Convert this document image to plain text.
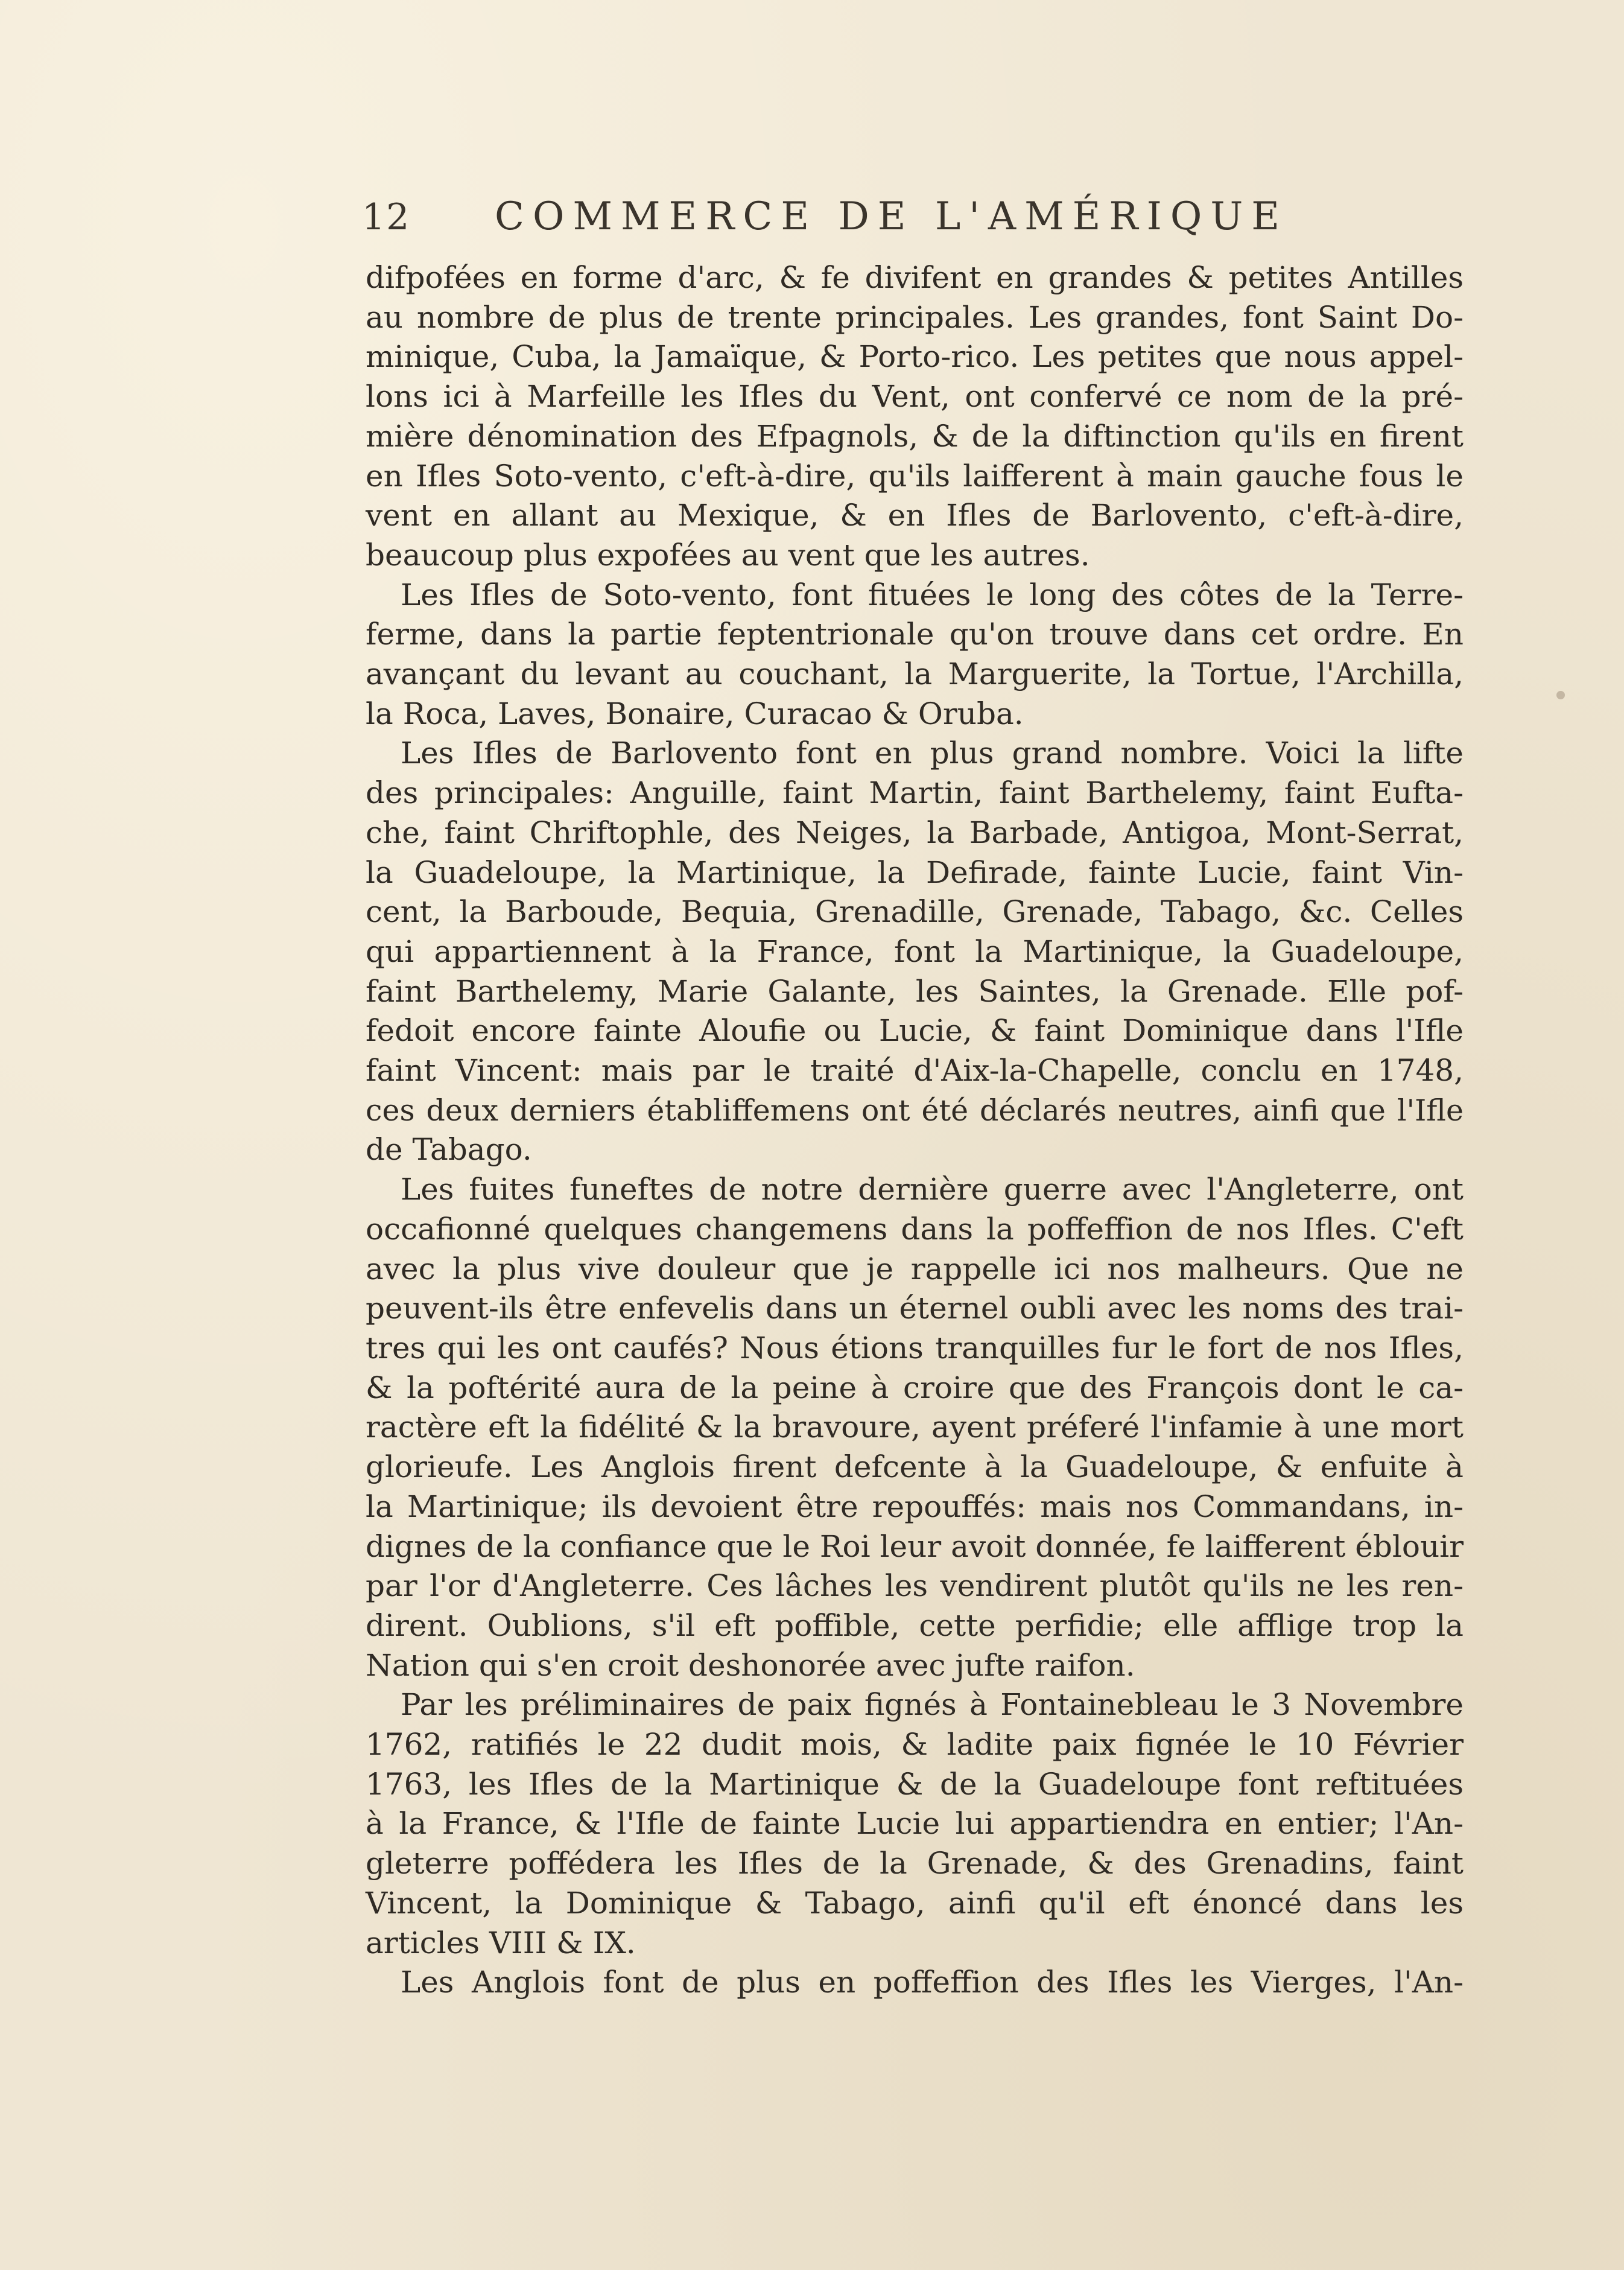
12	COMMERCE DE L'AMÉRIQUE
difpofées en forme d'arc, & fe divifent en grandes & petites Antilles
au nombre de plus de trente principales. Les grandes, font Saint Do-
minique, Cuba, la Jamaïque, & Porto-rico. Les petites que nous appel-
lons ici à Marfeille les Ifles du Vent, ont confervé ce nom de la pré-
mière dénomination des Efpagnols, & de la diftinction qu'ils en firent
en Ifles Soto-vento, c'eft-à-dire, qu'ils laifferent à main gauche fous le
vent en allant au Mexique, & en Ifles de Barlovento, c'eft-à-dire,
beaucoup plus expofées au vent que les autres.
Les Ifles de Soto-vento, font fituées le long des côtes de la Terre-
ferme, dans la partie feptentrionale qu'on trouve dans cet ordre. En
avançant du levant au couchant, la Marguerite, la Tortue, l'Archilla,
la Roca, Laves, Bonaire, Curacao & Oruba.
Les Ifles de Barlovento font en plus grand nombre. Voici la lifte
des principales: Anguille, faint Martin, faint Barthelemy, faint Eufta-
che, faint Chriftophle, des Neiges, la Barbade, Antigoa, Mont-Serrat,
la Guadeloupe, la Martinique, la Defirade, fainte Lucie, faint Vin-
cent, la Barboude, Bequia, Grenadille, Grenade, Tabago, &c. Celles
qui appartiennent à la France, font la Martinique, la Guadeloupe,
faint Barthelemy, Marie Galante, les Saintes, la Grenade. Elle pof-
fedoit encore fainte Aloufie ou Lucie, & faint Dominique dans l'Ifle
faint Vincent: mais par le traité d'Aix-la-Chapelle, conclu en 1748,
ces deux derniers établiffemens ont été déclarés neutres, ainfi que l'Ifle
de Tabago.
Les fuites funeftes de notre dernière guerre avec l'Angleterre, ont
occafionné quelques changemens dans la poffeffion de nos Ifles. C'eft
avec la plus vive douleur que je rappelle ici nos malheurs. Que ne
peuvent-ils être enfevelis dans un éternel oubli avec les noms des trai-
tres qui les ont caufés? Nous étions tranquilles fur le fort de nos Ifles,
& la poftérité aura de la peine à croire que des François dont le ca-
ractère eft la fidélité & la bravoure, ayent préferé l'infamie à une mort
glorieufe. Les Anglois firent defcente à la Guadeloupe, & enfuite à
la Martinique; ils devoient être repouffés: mais nos Commandans, in-
dignes de la confiance que le Roi leur avoit donnée, fe laifferent éblouir
par l'or d'Angleterre. Ces lâches les vendirent plutôt qu'ils ne les ren-
dirent. Oublions, s'il eft poffible, cette perfidie; elle afflige trop la
Nation qui s'en croit deshonorée avec jufte raifon.
Par les préliminaires de paix fignés à Fontainebleau le 3 Novembre
1762, ratifiés le 22 dudit mois, & ladite paix fignée le 10 Février
1763, les Ifles de la Martinique & de la Guadeloupe font reftituées
à la France, & l'Ifle de fainte Lucie lui appartiendra en entier; l'An-
gleterre poffédera les Ifles de la Grenade, & des Grenadins, faint
Vincent, la Dominique & Tabago, ainfi qu'il eft énoncé dans les
articles VIII & IX.
Les Anglois font de plus en poffeffion des Ifles les Vierges, l'An-
